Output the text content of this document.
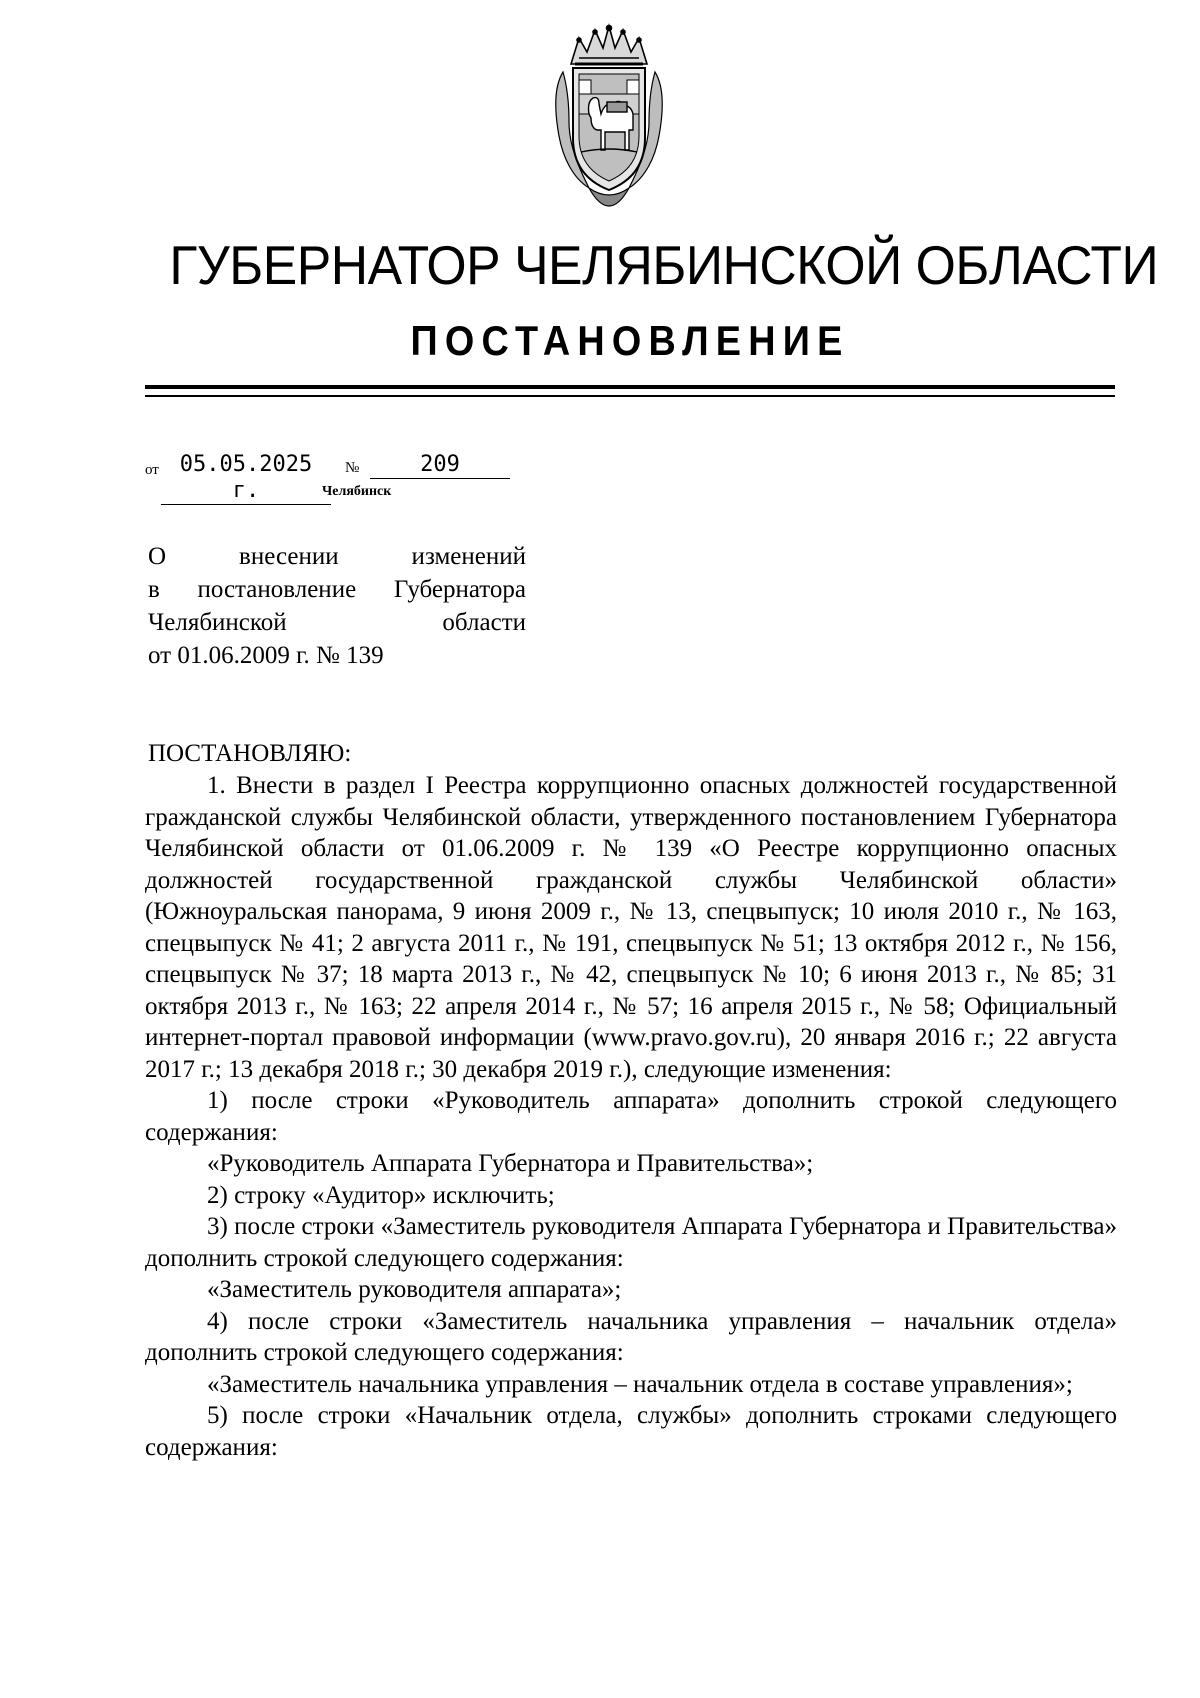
ГУБЕРНАТОР ЧЕЛЯБИНСКОЙ ОБЛАСТИ
ПОСТАНОВЛЕНИЕ
от 05.05.2025 г.
№	209
Челябинск
О внесении изменений
в постановление Губернатора
Челябинской области
от 01.06.2009 г. № 139
ПОСТАНОВЛЯЮ:

1. Внести в раздел I Реестра коррупционно опасных должностей государственной гражданской службы Челябинской области, утвержденного постановлением Губернатора Челябинской области от 01.06.2009 г. № 139 «О Реестре коррупционно опасных должностей государственной гражданской службы Челябинской области» (Южноуральская панорама, 9 июня 2009 г., № 13, спецвыпуск; 10 июля 2010 г., № 163, спецвыпуск № 41; 2 августа 2011 г., № 191, спецвыпуск № 51; 13 октября 2012 г., № 156, спецвыпуск № 37; 18 марта 2013 г., № 42, спецвыпуск № 10; 6 июня 2013 г., № 85; 31 октября 2013 г., № 163; 22 апреля 2014 г., № 57; 16 апреля 2015 г., № 58; Официальный интернет-портал правовой информации (www.pravo.gov.ru), 20 января 2016 г.; 22 августа 2017 г.; 13 декабря 2018 г.; 30 декабря 2019 г.), следующие изменения:

1) после строки «Руководитель аппарата» дополнить строкой следующего содержания:

«Руководитель Аппарата Губернатора и Правительства»;

2) строку «Аудитор» исключить;

3) после строки «Заместитель руководителя Аппарата Губернатора и Правительства» дополнить строкой следующего содержания:

«Заместитель руководителя аппарата»;

4) после строки «Заместитель начальника управления – начальник отдела» дополнить строкой следующего содержания:

«Заместитель начальника управления – начальник отдела в составе управления»;

5) после строки «Начальник отдела, службы» дополнить строками следующего содержания:
